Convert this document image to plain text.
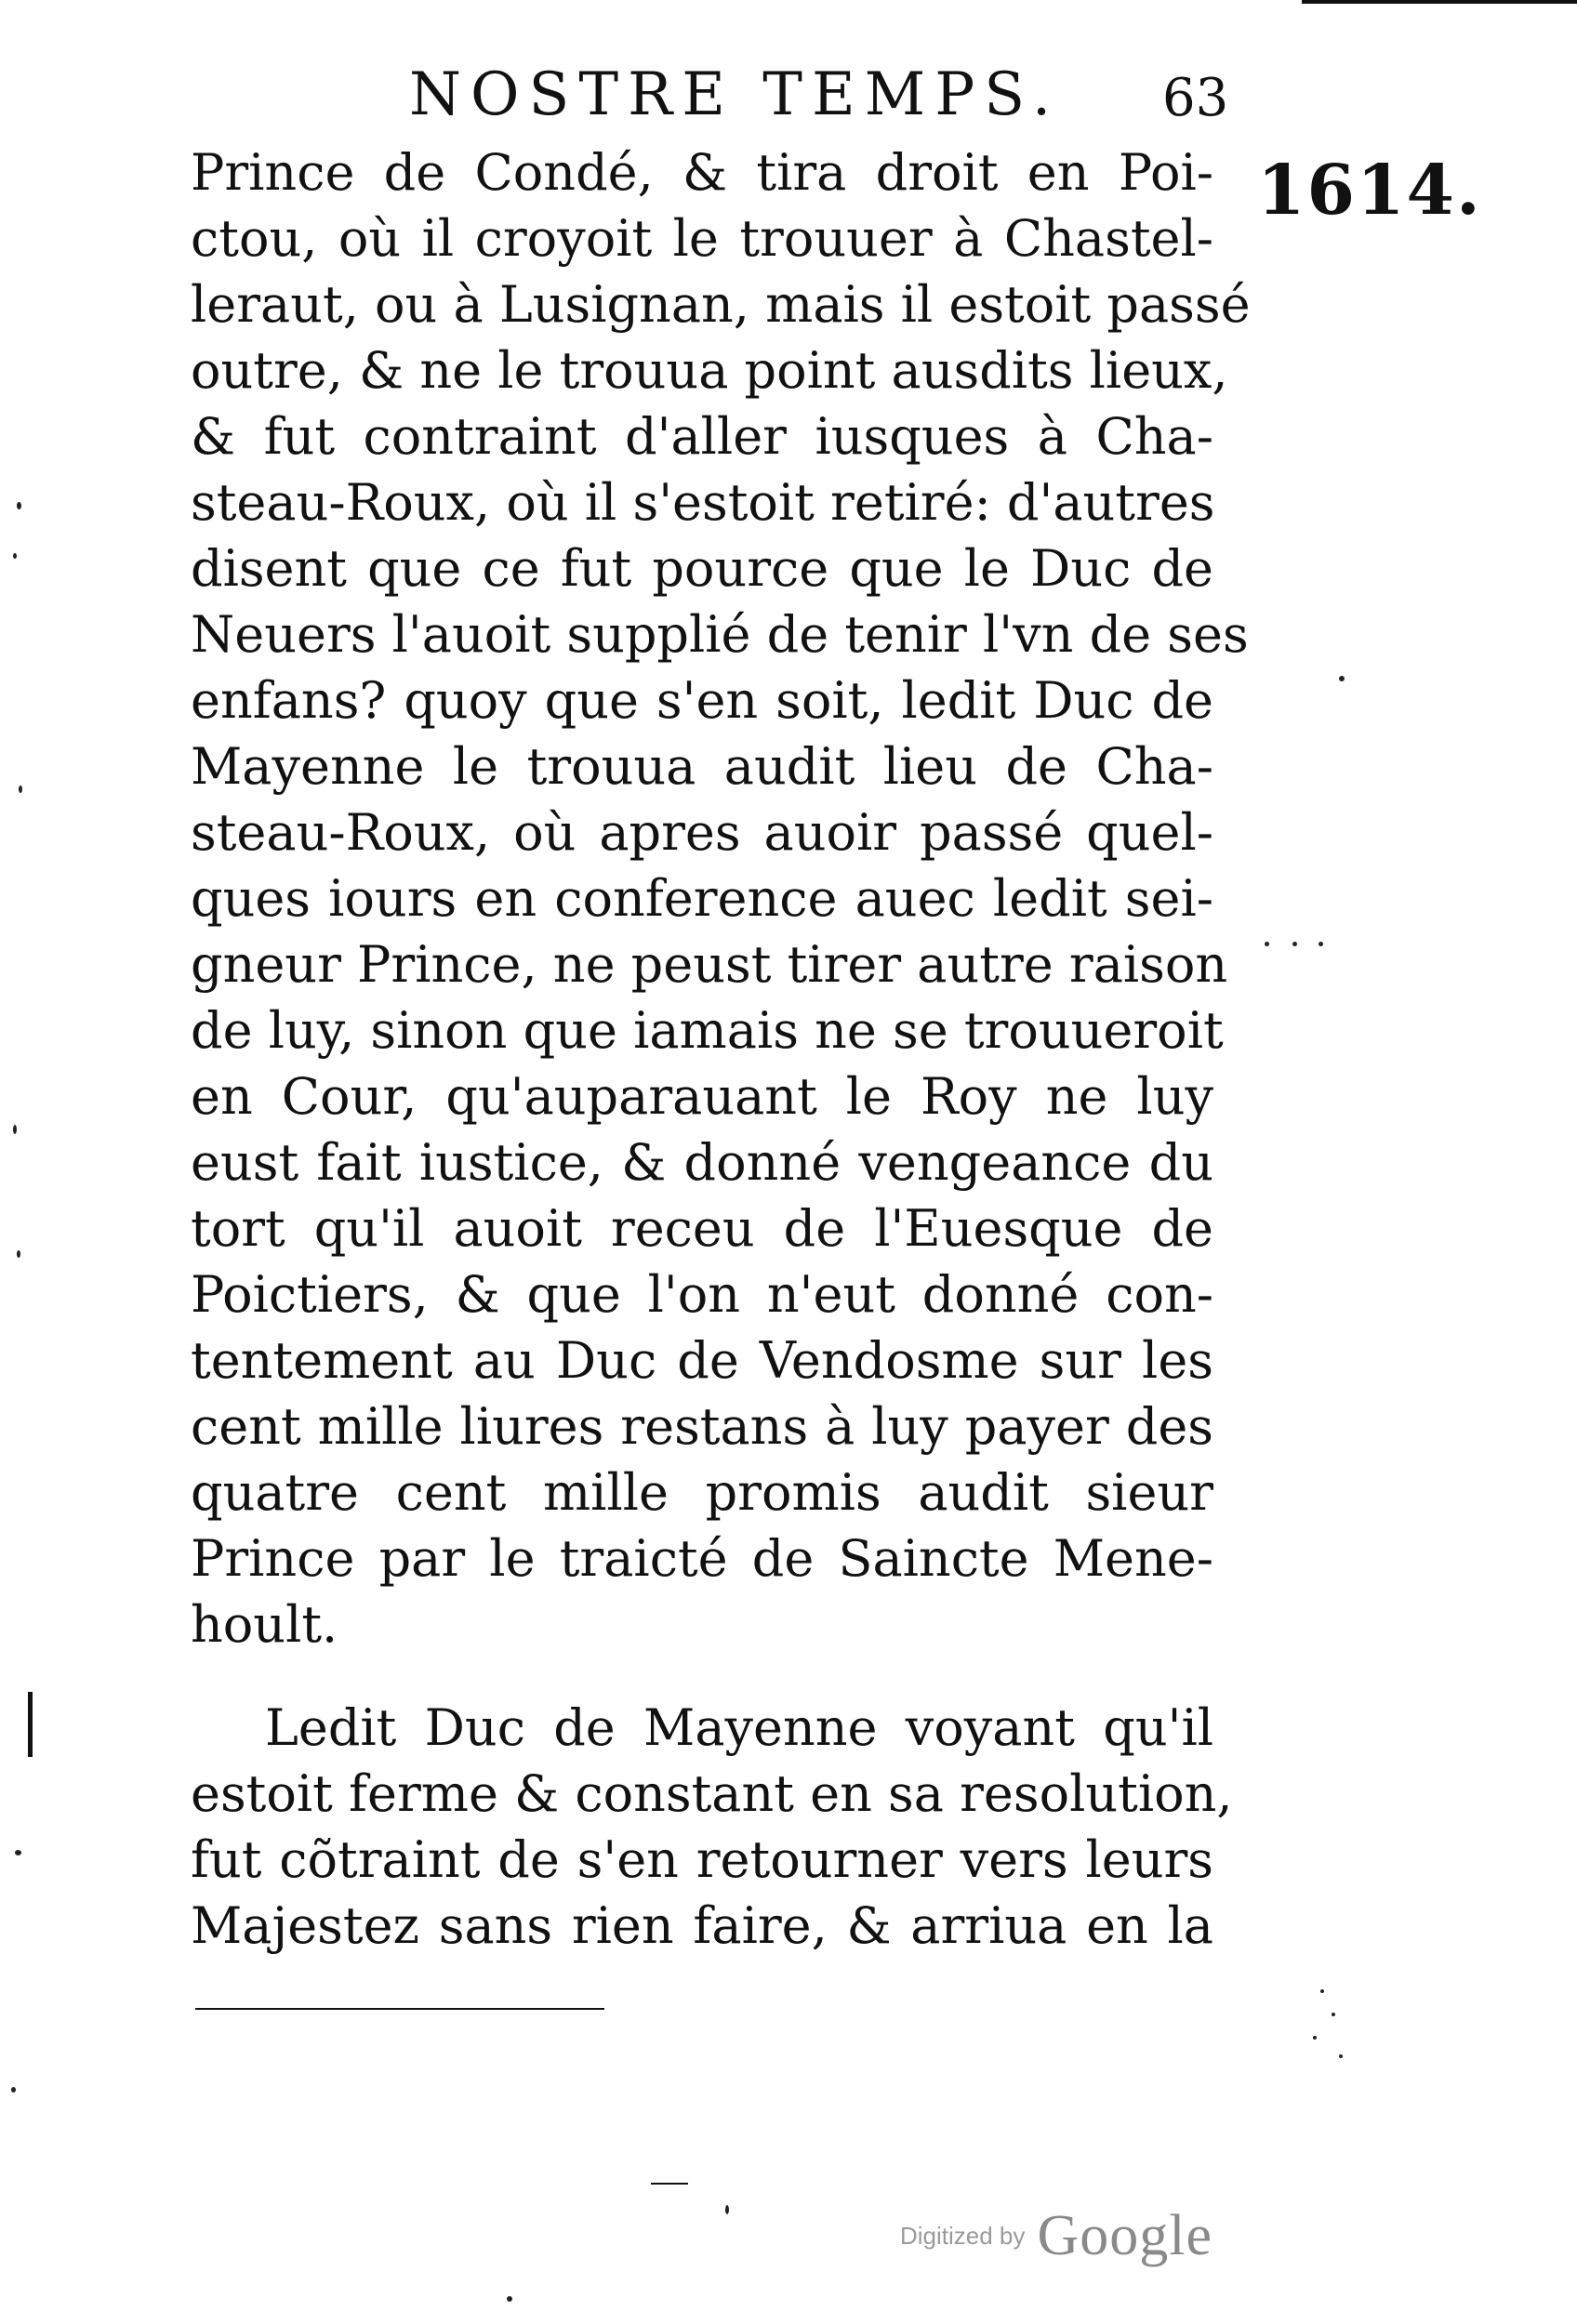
NOSTRE TEMPS. 63
1614.
Prince de Condé, & tira droit en Poi-
ctou, où il croyoit le trouuer à Chastel-
leraut, ou à Lusignan, mais il estoit passé
outre, & ne le trouua point ausdits lieux,
& fut contraint d'aller iusques à Cha-
steau-Roux, où il s'estoit retiré: d'autres
disent que ce fut pource que le Duc de
Neuers l'auoit supplié de tenir l'vn de ses
enfans? quoy que s'en soit, ledit Duc de
Mayenne le trouua audit lieu de Cha-
steau-Roux, où apres auoir passé quel-
ques iours en conference auec ledit sei-
gneur Prince, ne peust tirer autre raison
de luy, sinon que iamais ne se trouueroit
en Cour, qu'auparauant le Roy ne luy
eust fait iustice, & donné vengeance du
tort qu'il auoit receu de l'Euesque de
Poictiers, & que l'on n'eut donné con-
tentement au Duc de Vendosme sur les
cent mille liures restans à luy payer des
quatre cent mille promis audit sieur
Prince par le traicté de Saincte Mene-
hoult.
Ledit Duc de Mayenne voyant qu'il
estoit ferme & constant en sa resolution,
fut cõtraint de s'en retourner vers leurs
Majestez sans rien faire, & arriua en la
Digitized by Google
